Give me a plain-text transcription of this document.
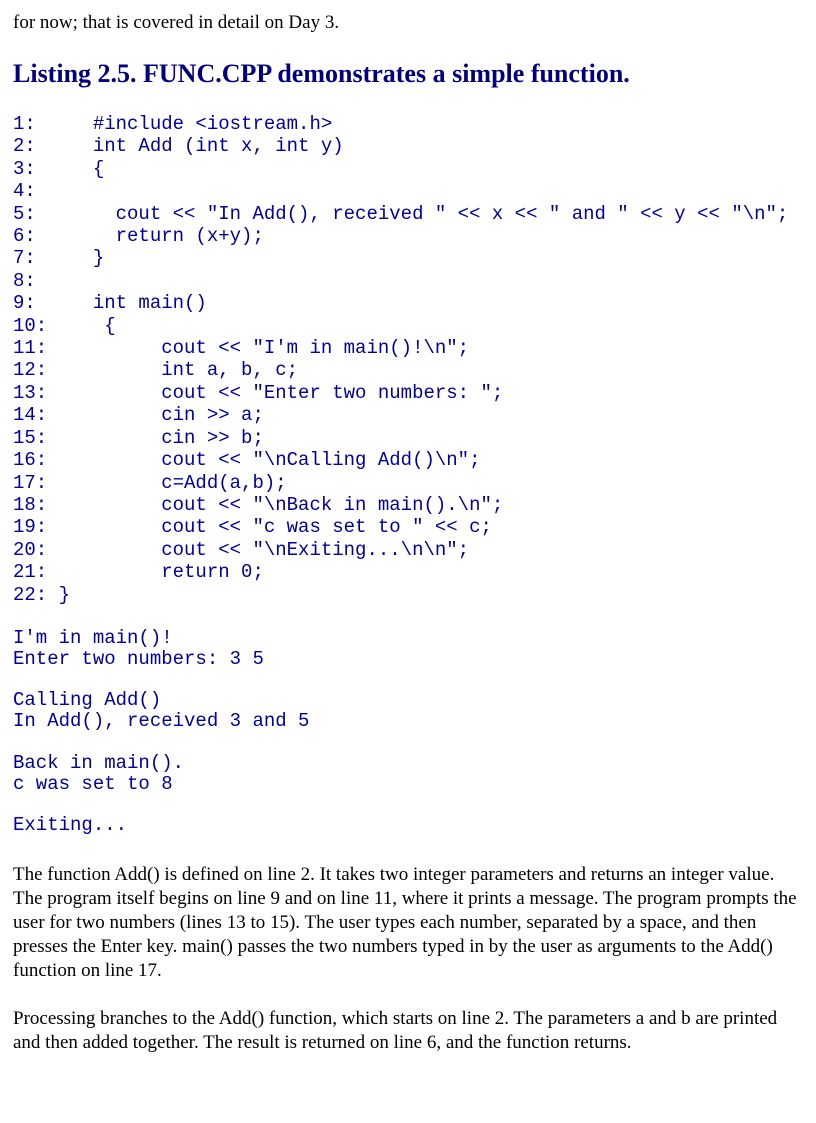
for now; that is covered in detail on Day 3.

Listing 2.5. FUNC.CPP demonstrates a simple function.
1:     #include <iostream.h>
2:     int Add (int x, int y)
3:     {
4:
5:       cout << "In Add(), received " << x << " and " << y << "\n";
6:       return (x+y);
7:     }
8:
9:     int main()
10:     {
11:          cout << "I'm in main()!\n";
12:          int a, b, c;
13:          cout << "Enter two numbers: ";
14:          cin >> a;
15:          cin >> b;
16:          cout << "\nCalling Add()\n";
17:          c=Add(a,b);
18:          cout << "\nBack in main().\n";
19:          cout << "c was set to " << c;
20:          cout << "\nExiting...\n\n";
21:          return 0;
22: }
I'm in main()!
Enter two numbers: 3 5
Calling Add()
In Add(), received 3 and 5
Back in main().
c was set to 8
Exiting...

The function Add() is defined on line 2. It takes two integer parameters and returns an integer value. The program itself begins on line 9 and on line 11, where it prints a message. The program prompts the user for two numbers (lines 13 to 15). The user types each number, separated by a space, and then presses the Enter key. main() passes the two numbers typed in by the user as arguments to the Add() function on line 17.

Processing branches to the Add() function, which starts on line 2. The parameters a and b are printed and then added together. The result is returned on line 6, and the function returns.
